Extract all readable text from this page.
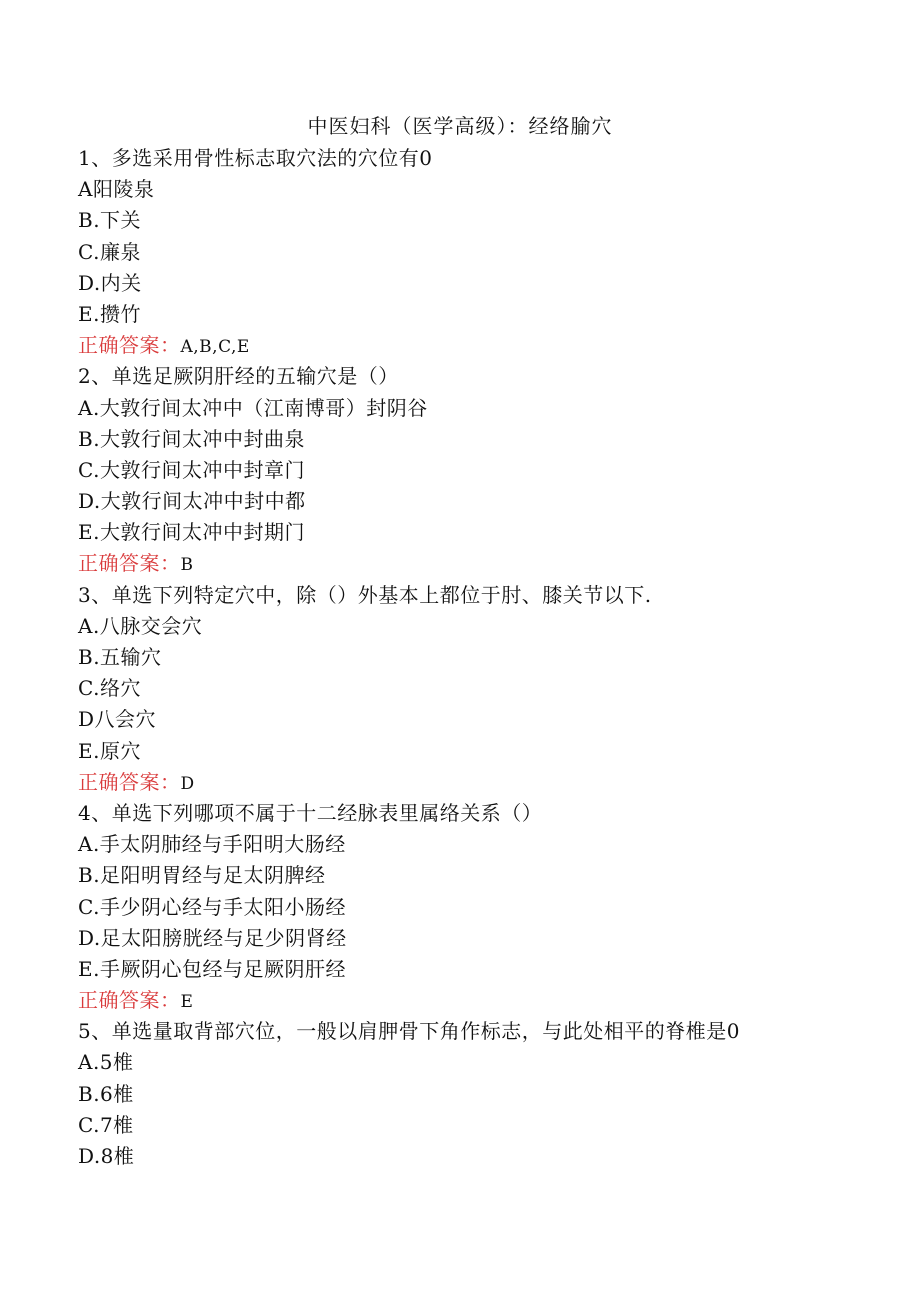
中医妇科（医学高级）：经络腧穴
1、多选采用骨性标志取穴法的穴位有0
A阳陵泉
B.下关
C.廉泉
D.内关
E.攒竹
正确答案：A,B,C,E
2、单选足厥阴肝经的五输穴是（）
A.大敦行间太冲中（江南博哥）封阴谷
B.大敦行间太冲中封曲泉
C.大敦行间太冲中封章门
D.大敦行间太冲中封中都
E.大敦行间太冲中封期门
正确答案：B
3、单选下列特定穴中，除（）外基本上都位于肘、膝关节以下.
A.八脉交会穴
B.五输穴
C.络穴
D八会穴
E.原穴
正确答案：D
4、单选下列哪项不属于十二经脉表里属络关系（）
A.手太阴肺经与手阳明大肠经
B.足阳明胃经与足太阴脾经
C.手少阴心经与手太阳小肠经
D.足太阳膀胱经与足少阴肾经
E.手厥阴心包经与足厥阴肝经
正确答案：E
5、单选量取背部穴位，一般以肩胛骨下角作标志，与此处相平的脊椎是0
A.5椎
B.6椎
C.7椎
D.8椎
